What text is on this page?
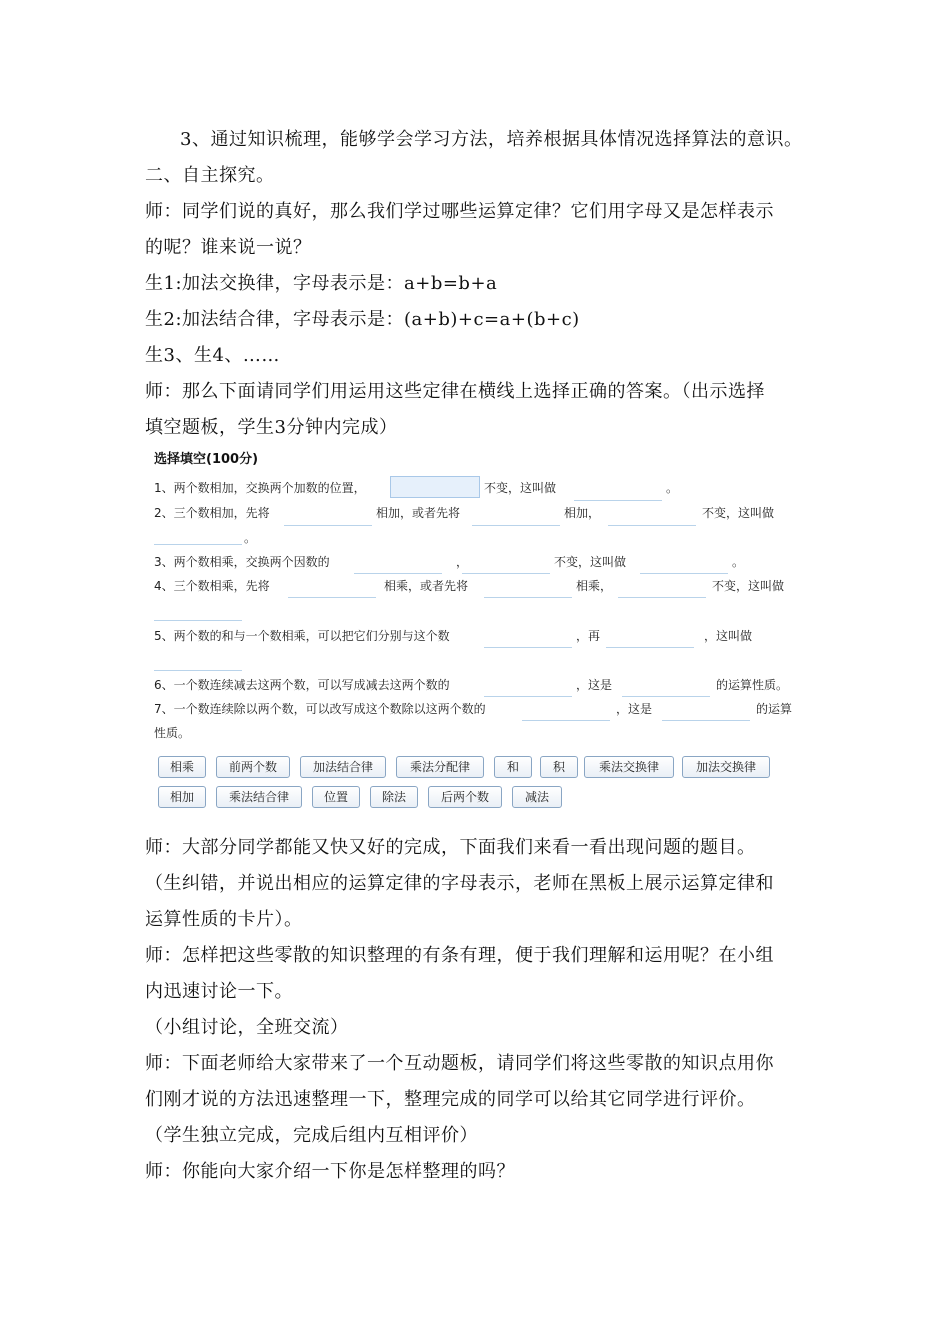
3、通过知识梳理，能够学会学习方法，培养根据具体情况选择算法的意识。
二、自主探究。
师：同学们说的真好，那么我们学过哪些运算定律？它们用字母又是怎样表示
的呢？谁来说一说？
生1:加法交换律，字母表示是：a+b=b+a
生2:加法结合律，字母表示是：(a+b)+c=a+(b+c)
生3、生4、……
师：那么下面请同学们用运用这些定律在横线上选择正确的答案。（出示选择
填空题板，学生3分钟内完成）
选择填空(100分)
1、两个数相加，交换两个加数的位置，	不变，这叫做	。
2、三个数相加，先将	相加，或者先将	相加，	不变，这叫做
。
3、两个数相乘，交换两个因数的	，	不变，这叫做	。
4、三个数相乘，先将	相乘，或者先将	相乘，	不变，这叫做
5、两个数的和与一个数相乘，可以把它们分别与这个数	，再	，这叫做
6、一个数连续减去这两个数，可以写成减去这两个数的	，这是	的运算性质。
7、一个数连续除以两个数，可以改写成这个数除以这两个数的	，这是	的运算
性质。
相乘	前两个数	加法结合律	乘法分配律	和	积	乘法交换律	加法交换律
相加	乘法结合律	位置	除法	后两个数	减法
师：大部分同学都能又快又好的完成，下面我们来看一看出现问题的题目。
（生纠错，并说出相应的运算定律的字母表示，老师在黑板上展示运算定律和
运算性质的卡片）。
师：怎样把这些零散的知识整理的有条有理，便于我们理解和运用呢？在小组
内迅速讨论一下。
（小组讨论，全班交流）
师：下面老师给大家带来了一个互动题板，请同学们将这些零散的知识点用你
们刚才说的方法迅速整理一下，整理完成的同学可以给其它同学进行评价。
（学生独立完成，完成后组内互相评价）
师：你能向大家介绍一下你是怎样整理的吗？
